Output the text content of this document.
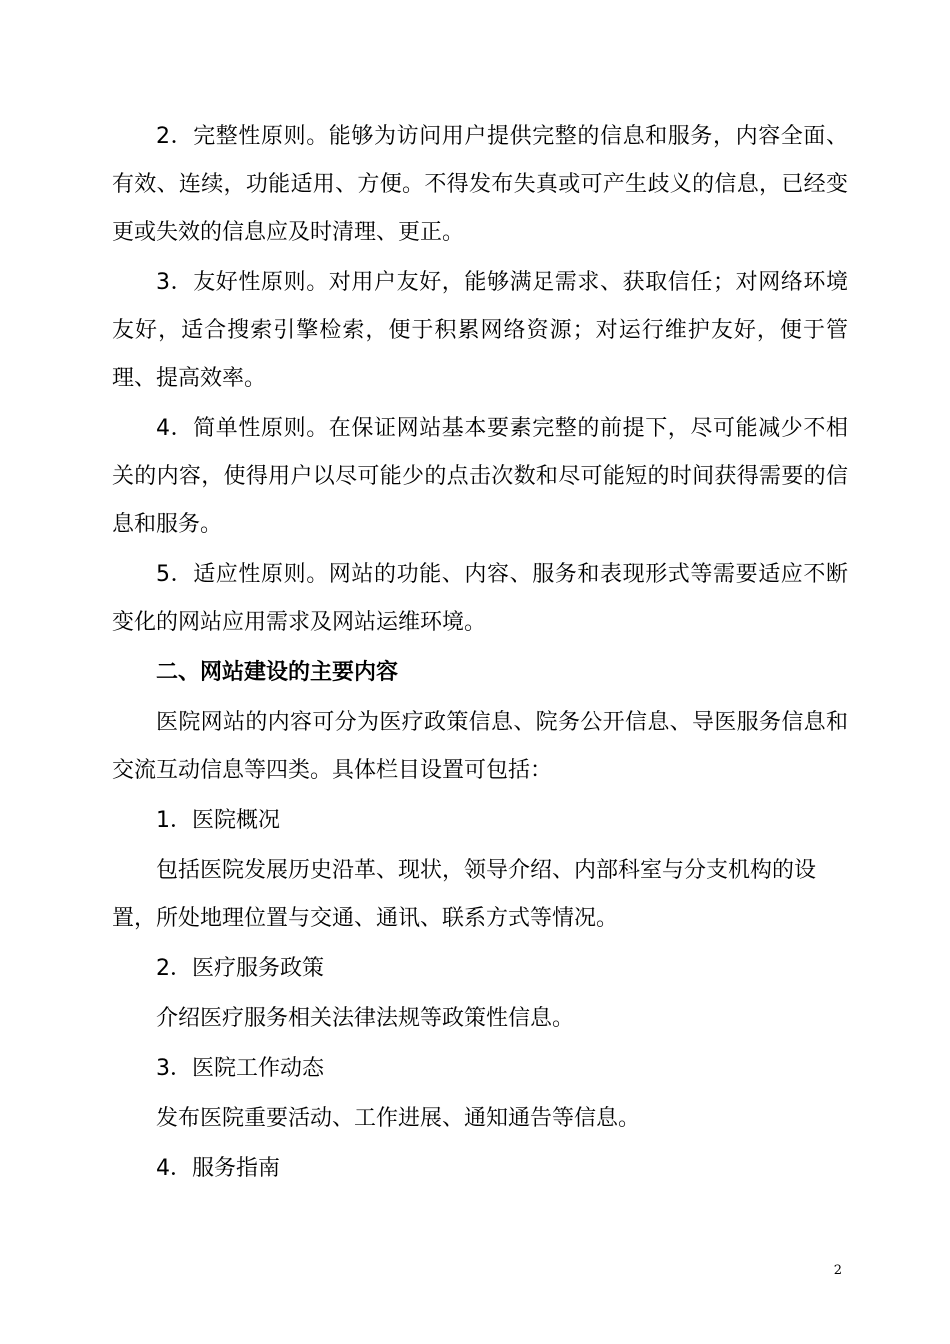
2．完整性原则。能够为访问用户提供完整的信息和服务，内容全面、有效、连续，功能适用、方便。不得发布失真或可产生歧义的信息，已经变更或失效的信息应及时清理、更正。

3．友好性原则。对用户友好，能够满足需求、获取信任；对网络环境友好，适合搜索引擎检索，便于积累网络资源；对运行维护友好，便于管理、提高效率。

4．简单性原则。在保证网站基本要素完整的前提下，尽可能减少不相关的内容，使得用户以尽可能少的点击次数和尽可能短的时间获得需要的信息和服务。

5．适应性原则。网站的功能、内容、服务和表现形式等需要适应不断变化的网站应用需求及网站运维环境。

二、网站建设的主要内容

医院网站的内容可分为医疗政策信息、院务公开信息、导医服务信息和交流互动信息等四类。具体栏目设置可包括：

1．医院概况

包括医院发展历史沿革、现状，领导介绍、内部科室与分支机构的设置，所处地理位置与交通、通讯、联系方式等情况。

2．医疗服务政策

介绍医疗服务相关法律法规等政策性信息。

3．医院工作动态

发布医院重要活动、工作进展、通知通告等信息。

4．服务指南

2
